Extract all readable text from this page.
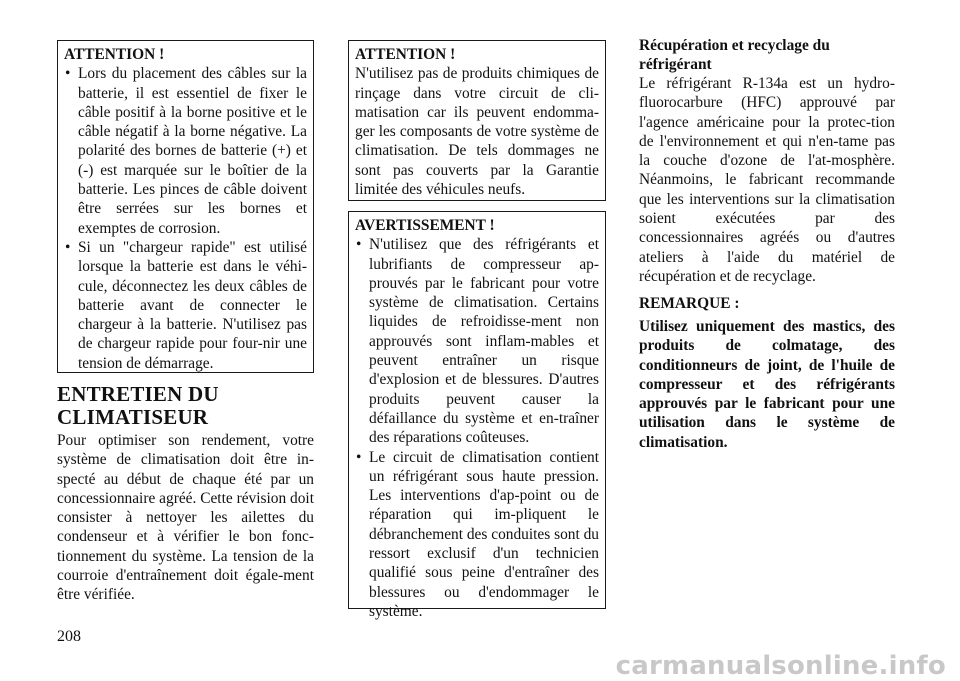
ATTENTION !
• Lors du placement des câbles sur la batterie, il est essentiel de fixer le câble positif à la borne positive et le câble négatif à la borne négative. La polarité des bornes de batterie (+) et (-) est marquée sur le boîtier de la batterie. Les pinces de câble doivent être serrées sur les bornes et exemptes de corrosion.
• Si un "chargeur rapide" est utilisé lorsque la batterie est dans le véhi-cule, déconnectez les deux câbles de batterie avant de connecter le chargeur à la batterie. N'utilisez pas de chargeur rapide pour four-nir une tension de démarrage.
ENTRETIEN DU
CLIMATISEUR
Pour optimiser son rendement, votre système de climatisation doit être in-specté au début de chaque été par un concessionnaire agréé. Cette révision doit consister à nettoyer les ailettes du condenseur et à vérifier le bon fonc-tionnement du système. La tension de la courroie d'entraînement doit égale-ment être vérifiée.
ATTENTION !
N'utilisez pas de produits chimiques de rinçage dans votre circuit de cli-matisation car ils peuvent endomma-ger les composants de votre système de climatisation. De tels dommages ne sont pas couverts par la Garantie limitée des véhicules neufs.
AVERTISSEMENT !
• N'utilisez que des réfrigérants et lubrifiants de compresseur ap-prouvés par le fabricant pour votre système de climatisation. Certains liquides de refroidisse-ment non approuvés sont inflam-mables et peuvent entraîner un risque d'explosion et de blessures. D'autres produits peuvent causer la défaillance du système et en-traîner des réparations coûteuses.
• Le circuit de climatisation contient un réfrigérant sous haute pression. Les interventions d'ap-point ou de réparation qui im-pliquent le débranchement des conduites sont du ressort exclusif d'un technicien qualifié sous peine d'entraîner des blessures ou d'endommager le système.
Récupération et recyclage du réfrigérant
Le réfrigérant R-134a est un hydro-fluorocarbure (HFC) approuvé par l'agence américaine pour la protec-tion de l'environnement et qui n'en-tame pas la couche d'ozone de l'at-mosphère. Néanmoins, le fabricant recommande que les interventions sur la climatisation soient exécutées par des concessionnaires agréés ou d'autres ateliers à l'aide du matériel de récupération et de recyclage.
REMARQUE :
Utilisez uniquement des mastics, des produits de colmatage, des conditionneurs de joint, de l'huile de compresseur et des réfrigérants approuvés par le fabricant pour une utilisation dans le système de climatisation.
208
carmanualsonline.info
